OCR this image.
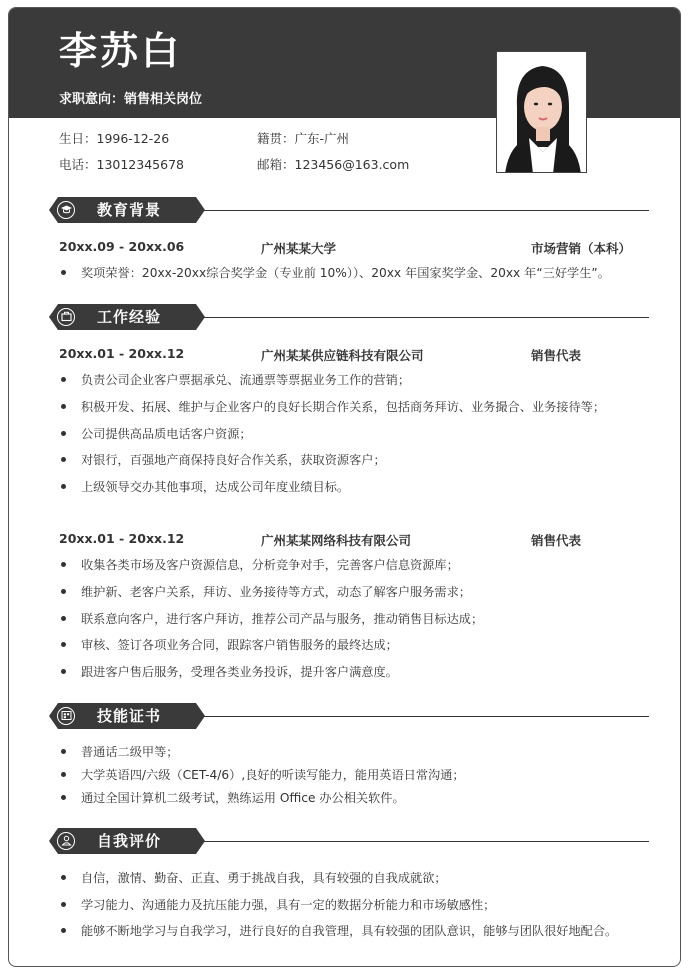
李苏白
求职意向：销售相关岗位
生日：1996-12-26	籍贯：广东-广州
电话：13012345678	邮箱：123456@163.com
教育背景
20xx.09 - 20xx.06	广州某某大学	市场营销（本科）
奖项荣誉：20xx-20xx综合奖学金（专业前 10%））、20xx 年国家奖学金、20xx 年“三好学生”。
工作经验
20xx.01 - 20xx.12	广州某某供应链科技有限公司	销售代表
负责公司企业客户票据承兑、流通票等票据业务工作的营销；
积极开发、拓展、维护与企业客户的良好长期合作关系，包括商务拜访、业务撮合、业务接待等；
公司提供高品质电话客户资源；
对银行，百强地产商保持良好合作关系，获取资源客户；
上级领导交办其他事项，达成公司年度业绩目标。
20xx.01 - 20xx.12	广州某某网络科技有限公司	销售代表
收集各类市场及客户资源信息，分析竞争对手，完善客户信息资源库；
维护新、老客户关系，拜访、业务接待等方式，动态了解客户服务需求；
联系意向客户，进行客户拜访，推荐公司产品与服务，推动销售目标达成；
审核、签订各项业务合同，跟踪客户销售服务的最终达成；
跟进客户售后服务，受理各类业务投诉，提升客户满意度。
技能证书
普通话二级甲等；
大学英语四/六级（CET-4/6）,良好的听读写能力，能用英语日常沟通；
通过全国计算机二级考试，熟练运用 Office 办公相关软件。
自我评价
自信，激情、勤奋、正直、勇于挑战自我，具有较强的自我成就欲；
学习能力、沟通能力及抗压能力强，具有一定的数据分析能力和市场敏感性；
能够不断地学习与自我学习，进行良好的自我管理，具有较强的团队意识，能够与团队很好地配合。
